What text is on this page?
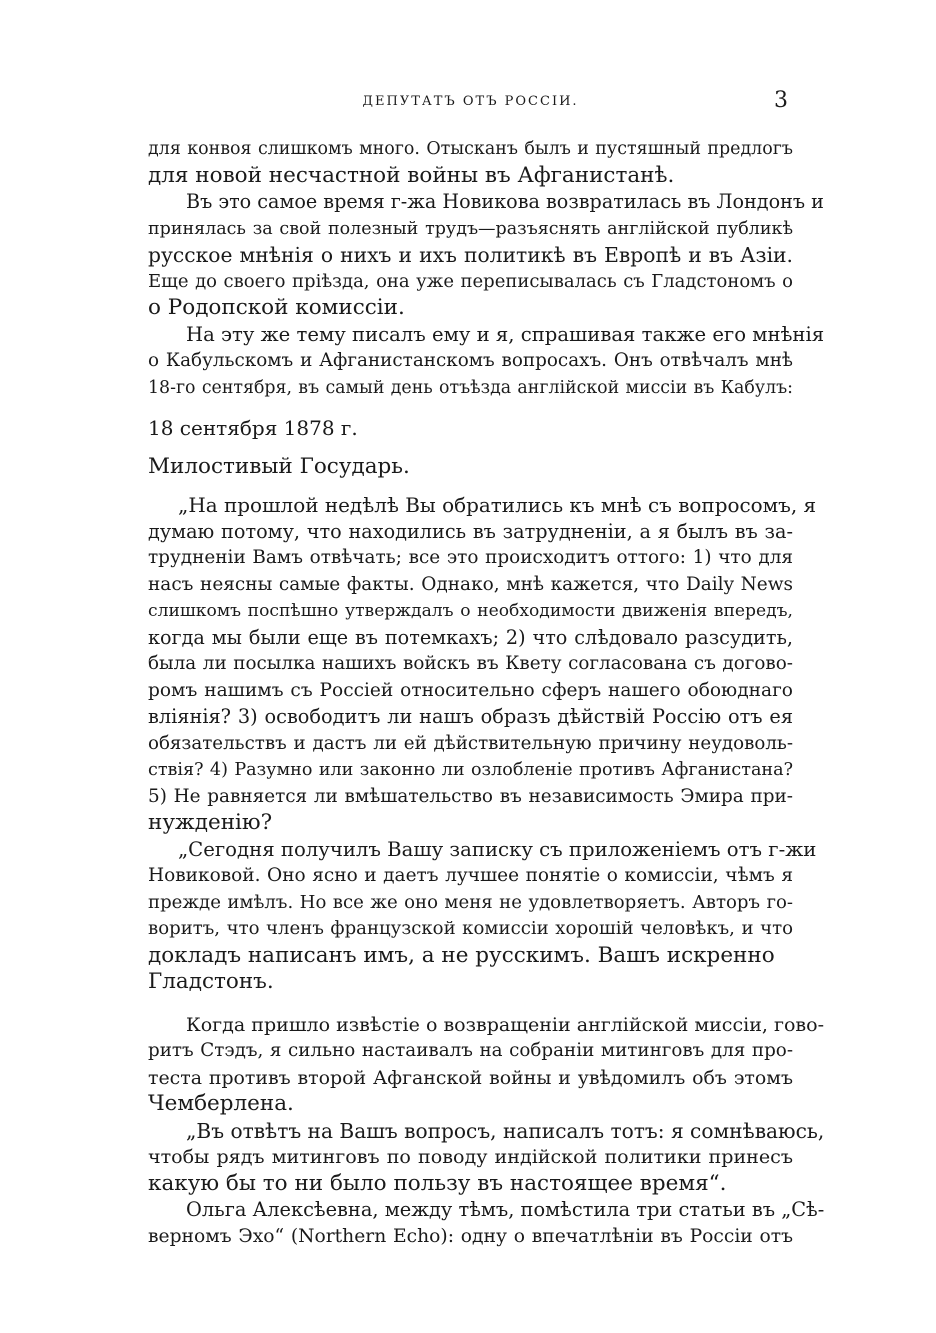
ДЕПУТАТЪ ОТЪ РОССІИ.	3

для конвоя слишкомъ много. Отысканъ былъ и пустяшный предлогъ
для новой несчастной войны въ Афганистанѣ.

Въ это самое время г-жа Новикова возвратилась въ Лондонъ и

принялась за свой полезный трудъ—разъяснять англійской публикѣ
русское мнѣнія о нихъ и ихъ политикѣ въ Европѣ и въ Азіи.
Еще до своего пріѣзда, она уже переписывалась съ Гладстономъ о
о Родопской комиссіи.

На эту же тему писалъ ему и я, спрашивая также его мнѣнія

о Кабульскомъ и Афганистанскомъ вопросахъ. Онъ отвѣчалъ мнѣ
18-го сентября, въ самый день отъѣзда англійской миссіи въ Кабулъ:

18 сентября 1878 г.

Милостивый Государь.

„На прошлой недѣлѣ Вы обратились къ мнѣ съ вопросомъ, я

думаю потому, что находились въ затрудненіи, а я былъ въ за-
трудненіи Вамъ отвѣчать; все это происходитъ оттого: 1) что для
насъ неясны самые факты. Однако, мнѣ кажется, что Daily News
слишкомъ поспѣшно утверждалъ о необходимости движенія впередъ,
когда мы были еще въ потемкахъ; 2) что слѣдовало разсудить,
была ли посылка нашихъ войскъ въ Квету согласована съ догово-
ромъ нашимъ съ Россіей относительно сферъ нашего обоюднаго
вліянія? 3) освободитъ ли нашъ образъ дѣйствій Россію отъ ея
обязательствъ и дастъ ли ей дѣйствительную причину неудоволь-
ствія? 4) Разумно или законно ли озлобленіе противъ Афганистана?
5) Не равняется ли вмѣшательство въ независимость Эмира при-
нужденію?

„Сегодня получилъ Вашу записку съ приложеніемъ отъ г-жи

Новиковой. Оно ясно и даетъ лучшее понятіе о комиссіи, чѣмъ я
прежде имѣлъ. Но все же оно меня не удовлетворяетъ. Авторъ го-
воритъ, что членъ французской комиссіи хорошій человѣкъ, и что
докладъ написанъ имъ, а не русскимъ. Вашъ искренно

Гладстонъ.

Когда пришло извѣстіе о возвращеніи англійской миссіи, гово-

ритъ Стэдъ, я сильно настаивалъ на собраніи митинговъ для про-
теста противъ второй Афганской войны и увѣдомилъ объ этомъ
Чемберлена.

„Въ отвѣтъ на Вашъ вопросъ, написалъ тотъ: я сомнѣваюсь,

чтобы рядъ митинговъ по поводу индійской политики принесъ
какую бы то ни было пользу въ настоящее время“.

Ольга Алексѣевна, между тѣмъ, помѣстила три статьи въ „Сѣ-

верномъ Эхо“ (Northern Echo): одну о впечатлѣніи въ Россіи отъ
